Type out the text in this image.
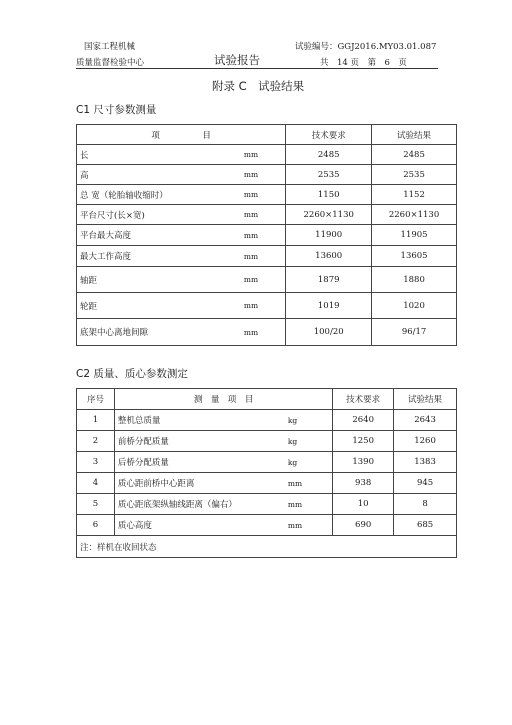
国家工程机械
质量监督检验中心	试验报告
试验编号：GGJ2016.MY03.01.087
共　14 页　第　6　页
附录 C　试验结果
C1 尺寸参数测量
项　　　　　目		技术要求	试验结果
长	mm	2485	2485
高	mm	2535	2535
总 宽（轮胎轴收缩时）	mm	1150	1152
平台尺寸(长×宽)	mm	2260×1130	2260×1130
平台最大高度	mm	11900	11905
最大工作高度	mm	13600	13605
轴距	mm	1879	1880
轮距	mm	1019	1020
底架中心离地间隙	mm	100/20	96/17
C2 质量、质心参数测定
序号	测　量　项　目		技术要求	试验结果
1	整机总质量	kg	2640	2643
2	前桥分配质量	kg	1250	1260
3	后桥分配质量	kg	1390	1383
4	质心距前桥中心距离	mm	938	945
5	质心距底架纵轴线距离（偏右）	mm	10	8
6	质心高度	mm	690	685
注：样机在收回状态				
